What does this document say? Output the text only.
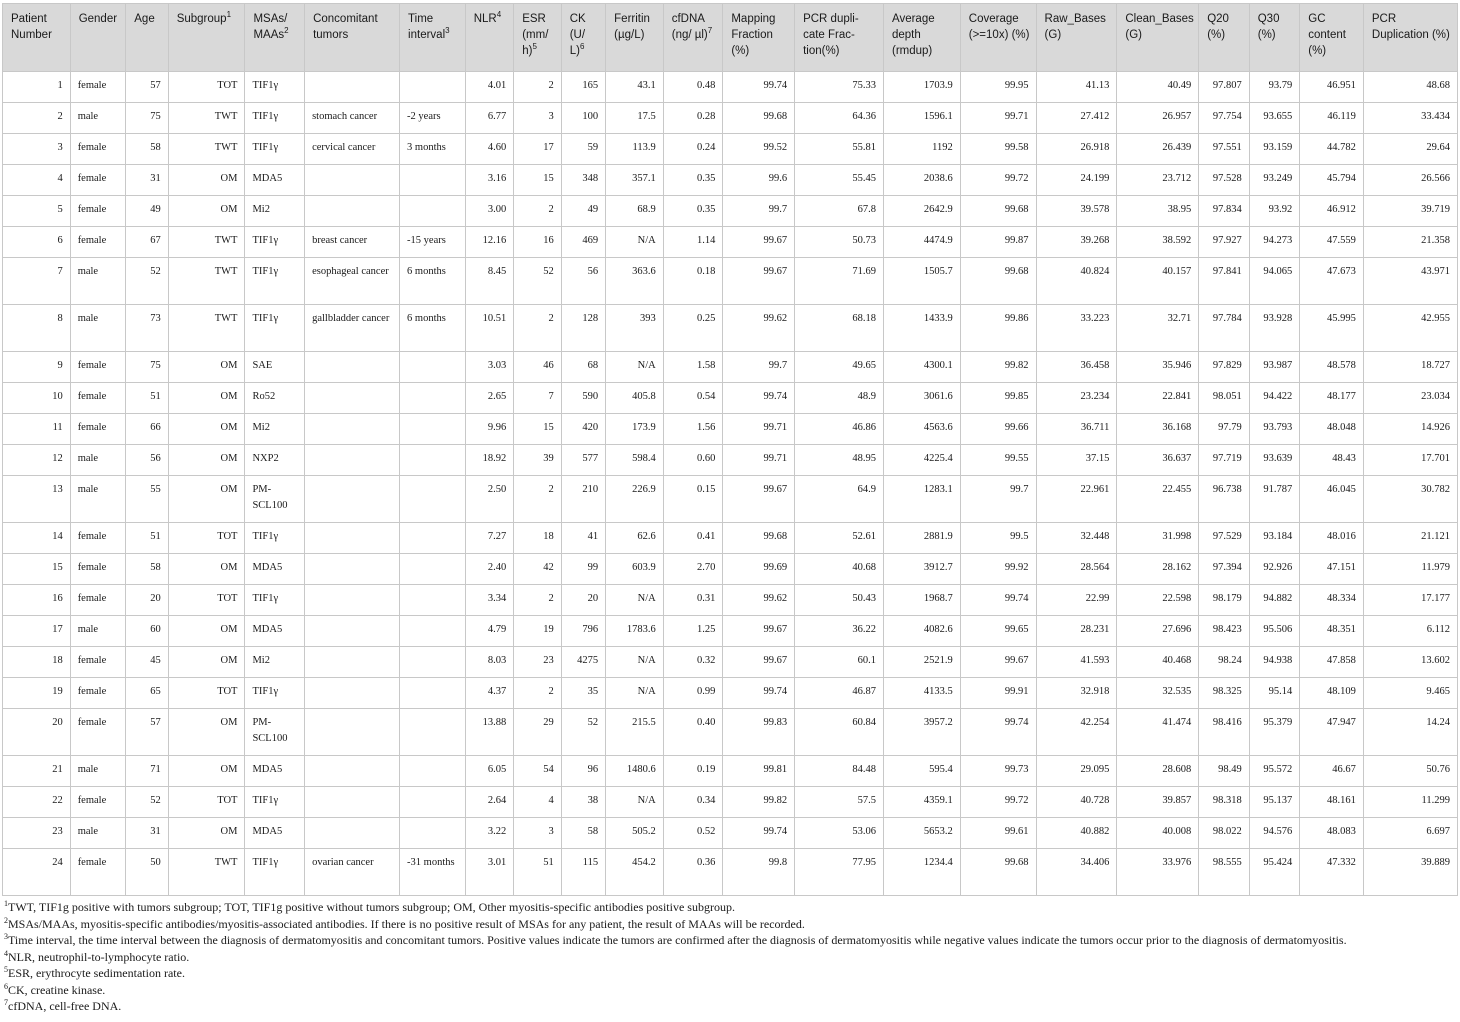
Patient Number	Gender	Age	Subgroup$^1$	MSAs/ MAAs$^2$	Concomitant tumors	Time interval$^3$	NLR$^4$	ESR (mm/ h)$^5$	CK (U/ L)$^6$	Ferritin (µg/L)	cfDNA (ng/ µl)$^7$	Mapping Fraction (%)	PCR dupli-cate Frac-tion(%)	Average depth (rmdup)	Coverage (>=10x) (%)	Raw_Bases (G)	Clean_Bases (G)	Q20 (%)	Q30 (%)	GC content (%)	PCR Duplication (%)
1	female	57	TOT	TIF1γ			4.01	2	165	43.1	0.48	99.74	75.33	1703.9	99.95	41.13	40.49	97.807	93.79	46.951	48.68
2	male	75	TWT	TIF1γ	stomach cancer	-2 years	6.77	3	100	17.5	0.28	99.68	64.36	1596.1	99.71	27.412	26.957	97.754	93.655	46.119	33.434
3	female	58	TWT	TIF1γ	cervical cancer	3 months	4.60	17	59	113.9	0.24	99.52	55.81	1192	99.58	26.918	26.439	97.551	93.159	44.782	29.64
4	female	31	OM	MDA5			3.16	15	348	357.1	0.35	99.6	55.45	2038.6	99.72	24.199	23.712	97.528	93.249	45.794	26.566
5	female	49	OM	Mi2			3.00	2	49	68.9	0.35	99.7	67.8	2642.9	99.68	39.578	38.95	97.834	93.92	46.912	39.719
6	female	67	TWT	TIF1γ	breast cancer	-15 years	12.16	16	469	N/A	1.14	99.67	50.73	4474.9	99.87	39.268	38.592	97.927	94.273	47.559	21.358
7	male	52	TWT	TIF1γ	esophageal cancer	6 months	8.45	52	56	363.6	0.18	99.67	71.69	1505.7	99.68	40.824	40.157	97.841	94.065	47.673	43.971
8	male	73	TWT	TIF1γ	gallbladder cancer	6 months	10.51	2	128	393	0.25	99.62	68.18	1433.9	99.86	33.223	32.71	97.784	93.928	45.995	42.955
9	female	75	OM	SAE			3.03	46	68	N/A	1.58	99.7	49.65	4300.1	99.82	36.458	35.946	97.829	93.987	48.578	18.727
10	female	51	OM	Ro52			2.65	7	590	405.8	0.54	99.74	48.9	3061.6	99.85	23.234	22.841	98.051	94.422	48.177	23.034
11	female	66	OM	Mi2			9.96	15	420	173.9	1.56	99.71	46.86	4563.6	99.66	36.711	36.168	97.79	93.793	48.048	14.926
12	male	56	OM	NXP2			18.92	39	577	598.4	0.60	99.71	48.95	4225.4	99.55	37.15	36.637	97.719	93.639	48.43	17.701
13	male	55	OM	PM-SCL100			2.50	2	210	226.9	0.15	99.67	64.9	1283.1	99.7	22.961	22.455	96.738	91.787	46.045	30.782
14	female	51	TOT	TIF1γ			7.27	18	41	62.6	0.41	99.68	52.61	2881.9	99.5	32.448	31.998	97.529	93.184	48.016	21.121
15	female	58	OM	MDA5			2.40	42	99	603.9	2.70	99.69	40.68	3912.7	99.92	28.564	28.162	97.394	92.926	47.151	11.979
16	female	20	TOT	TIF1γ			3.34	2	20	N/A	0.31	99.62	50.43	1968.7	99.74	22.99	22.598	98.179	94.882	48.334	17.177
17	male	60	OM	MDA5			4.79	19	796	1783.6	1.25	99.67	36.22	4082.6	99.65	28.231	27.696	98.423	95.506	48.351	6.112
18	female	45	OM	Mi2			8.03	23	4275	N/A	0.32	99.67	60.1	2521.9	99.67	41.593	40.468	98.24	94.938	47.858	13.602
19	female	65	TOT	TIF1γ			4.37	2	35	N/A	0.99	99.74	46.87	4133.5	99.91	32.918	32.535	98.325	95.14	48.109	9.465
20	female	57	OM	PM-SCL100			13.88	29	52	215.5	0.40	99.83	60.84	3957.2	99.74	42.254	41.474	98.416	95.379	47.947	14.24
21	male	71	OM	MDA5			6.05	54	96	1480.6	0.19	99.81	84.48	595.4	99.73	29.095	28.608	98.49	95.572	46.67	50.76
22	female	52	TOT	TIF1γ			2.64	4	38	N/A	0.34	99.82	57.5	4359.1	99.72	40.728	39.857	98.318	95.137	48.161	11.299
23	male	31	OM	MDA5			3.22	3	58	505.2	0.52	99.74	53.06	5653.2	99.61	40.882	40.008	98.022	94.576	48.083	6.697
24	female	50	TWT	TIF1γ	ovarian cancer	-31 months	3.01	51	115	454.2	0.36	99.8	77.95	1234.4	99.68	34.406	33.976	98.555	95.424	47.332	39.889

$^1$TWT, TIF1g positive with tumors subgroup; TOT, TIF1g positive without tumors subgroup; OM, Other myositis-specific antibodies positive subgroup.

$^2$MSAs/MAAs, myositis-specific antibodies/myositis-associated antibodies. If there is no positive result of MSAs for any patient, the result of MAAs will be recorded.

$^3$Time interval, the time interval between the diagnosis of dermatomyositis and concomitant tumors. Positive values indicate the tumors are confirmed after the diagnosis of dermatomyositis while negative values indicate the tumors occur prior to the diagnosis of dermatomyositis.

$^4$NLR, neutrophil-to-lymphocyte ratio.

$^5$ESR, erythrocyte sedimentation rate.

$^6$CK, creatine kinase.

$^7$cfDNA, cell-free DNA.
